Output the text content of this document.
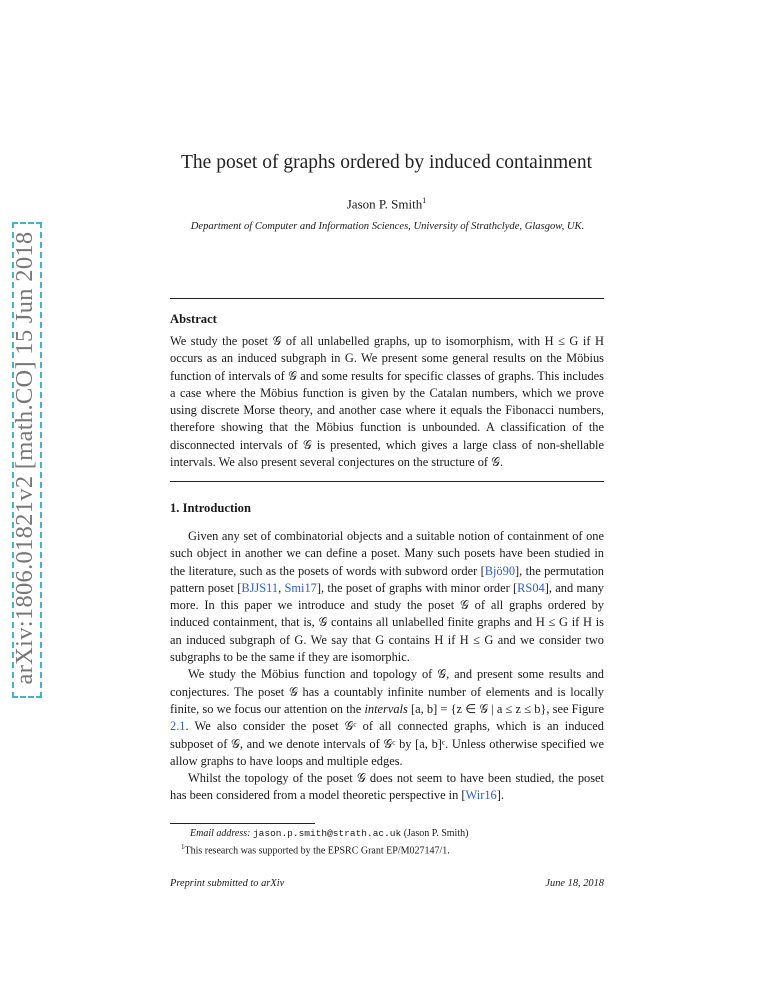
arXiv:1806.01821v2 [math.CO] 15 Jun 2018
The poset of graphs ordered by induced containment
Jason P. Smith$^1$
Department of Computer and Information Sciences, University of Strathclyde, Glasgow, UK.
Abstract

We study the poset 𝒢 of all unlabelled graphs, up to isomorphism, with H ≤ G if H occurs as an induced subgraph in G. We present some general results on the Möbius function of intervals of 𝒢 and some results for specific classes of graphs. This includes a case where the Möbius function is given by the Catalan numbers, which we prove using discrete Morse theory, and another case where it equals the Fibonacci numbers, therefore showing that the Möbius function is unbounded. A classification of the disconnected intervals of 𝒢 is presented, which gives a large class of non-shellable intervals. We also present several conjectures on the structure of 𝒢.

1. Introduction

Given any set of combinatorial objects and a suitable notion of containment of one such object in another we can define a poset. Many such posets have been studied in the literature, such as the posets of words with subword order [Bjö90], the permutation pattern poset [BJJS11, Smi17], the poset of graphs with minor order [RS04], and many more. In this paper we introduce and study the poset 𝒢 of all graphs ordered by induced containment, that is, 𝒢 contains all unlabelled finite graphs and H ≤ G if H is an induced subgraph of G. We say that G contains H if H ≤ G and we consider two subgraphs to be the same if they are isomorphic.

We study the Möbius function and topology of 𝒢, and present some results and conjectures. The poset 𝒢 has a countably infinite number of elements and is locally finite, so we focus our attention on the intervals [a, b] = {z ∈ 𝒢 | a ≤ z ≤ b}, see Figure 2.1. We also consider the poset 𝒢ᶜ of all connected graphs, which is an induced subposet of 𝒢, and we denote intervals of 𝒢ᶜ by [a, b]ᶜ. Unless otherwise specified we allow graphs to have loops and multiple edges.

Whilst the topology of the poset 𝒢 does not seem to have been studied, the poset has been considered from a model theoretic perspective in [Wir16].

Email address: jason.p.smith@strath.ac.uk (Jason P. Smith)
$^1$This research was supported by the EPSRC Grant EP/M027147/1.
Preprint submitted to arXiv	June 18, 2018
